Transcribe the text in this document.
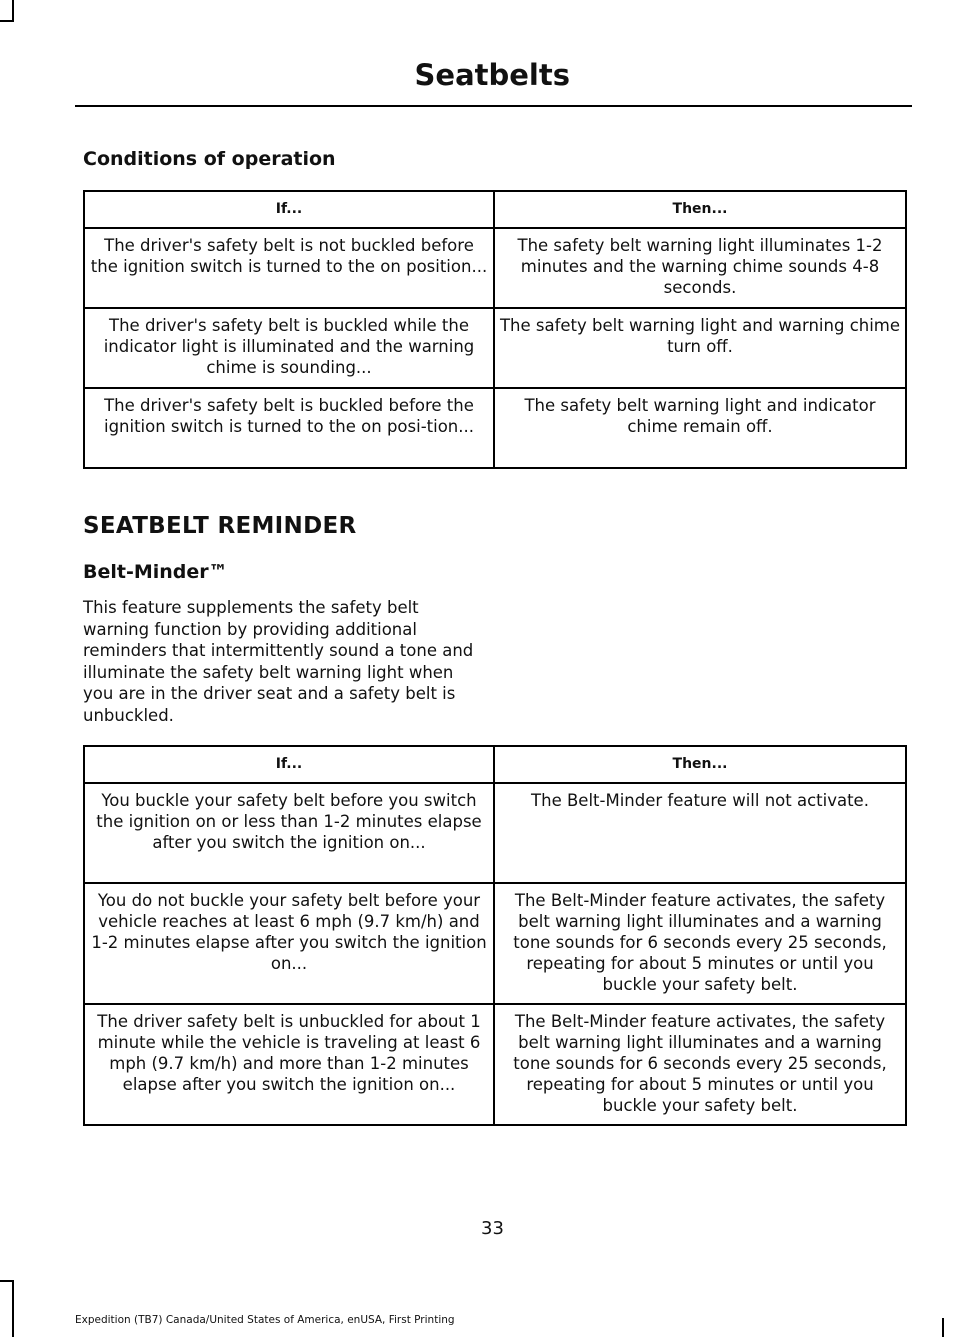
Seatbelts
Conditions of operation
If...	Then...
The driver's safety belt is not buckled before the ignition switch is turned to the on position...	The safety belt warning light illuminates 1-2 minutes and the warning chime sounds 4-8 seconds.
The driver's safety belt is buckled while the indicator light is illuminated and the warning chime is sounding...	The safety belt warning light and warning chime turn off.
The driver's safety belt is buckled before the ignition switch is turned to the on posi-tion...	The safety belt warning light and indicator chime remain off.
SEATBELT REMINDER
Belt-Minder™

This feature supplements the safety belt warning function by providing additional reminders that intermittently sound a tone and illuminate the safety belt warning light when you are in the driver seat and a safety belt is unbuckled.

If...	Then...
You buckle your safety belt before you switch the ignition on or less than 1-2 minutes elapse after you switch the ignition on...	The Belt-Minder feature will not activate.
You do not buckle your safety belt before your vehicle reaches at least 6 mph (9.7 km/h) and 1-2 minutes elapse after you switch the ignition on...	The Belt-Minder feature activates, the safety belt warning light illuminates and a warning tone sounds for 6 seconds every 25 seconds, repeating for about 5 minutes or until you buckle your safety belt.
The driver safety belt is unbuckled for about 1 minute while the vehicle is traveling at least 6 mph (9.7 km/h) and more than 1-2 minutes elapse after you switch the ignition on...	The Belt-Minder feature activates, the safety belt warning light illuminates and a warning tone sounds for 6 seconds every 25 seconds, repeating for about 5 minutes or until you buckle your safety belt.

33

Expedition (TB7) Canada/United States of America, enUSA, First Printing
